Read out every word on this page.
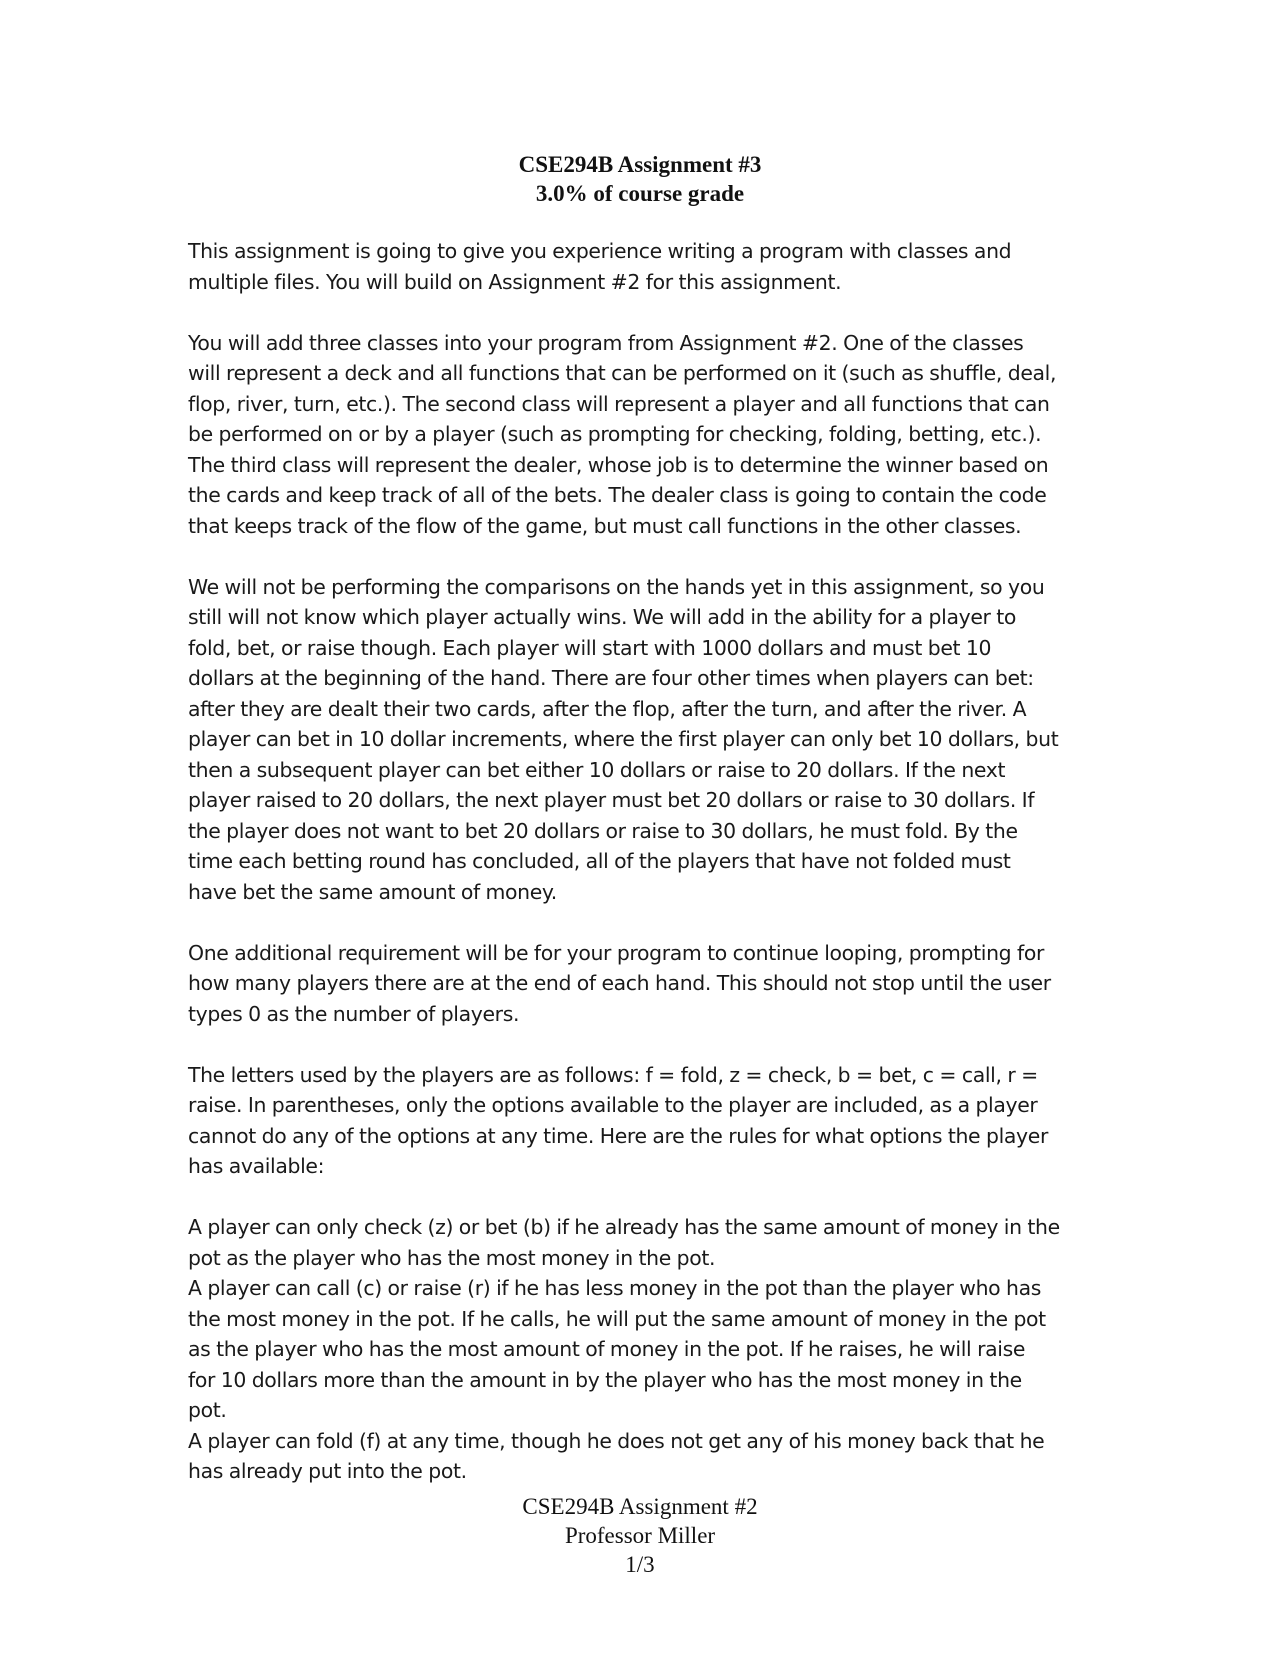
CSE294B Assignment #3
3.0% of course grade

This assignment is going to give you experience writing a program with classes and
multiple files. You will build on Assignment #2 for this assignment.

You will add three classes into your program from Assignment #2. One of the classes
will represent a deck and all functions that can be performed on it (such as shuffle, deal,
flop, river, turn, etc.). The second class will represent a player and all functions that can
be performed on or by a player (such as prompting for checking, folding, betting, etc.).
The third class will represent the dealer, whose job is to determine the winner based on
the cards and keep track of all of the bets. The dealer class is going to contain the code
that keeps track of the flow of the game, but must call functions in the other classes.

We will not be performing the comparisons on the hands yet in this assignment, so you
still will not know which player actually wins. We will add in the ability for a player to
fold, bet, or raise though. Each player will start with 1000 dollars and must bet 10
dollars at the beginning of the hand. There are four other times when players can bet:
after they are dealt their two cards, after the flop, after the turn, and after the river. A
player can bet in 10 dollar increments, where the first player can only bet 10 dollars, but
then a subsequent player can bet either 10 dollars or raise to 20 dollars. If the next
player raised to 20 dollars, the next player must bet 20 dollars or raise to 30 dollars. If
the player does not want to bet 20 dollars or raise to 30 dollars, he must fold. By the
time each betting round has concluded, all of the players that have not folded must
have bet the same amount of money.

One additional requirement will be for your program to continue looping, prompting for
how many players there are at the end of each hand. This should not stop until the user
types 0 as the number of players.

The letters used by the players are as follows: f = fold, z = check, b = bet, c = call, r =
raise. In parentheses, only the options available to the player are included, as a player
cannot do any of the options at any time. Here are the rules for what options the player
has available:

A player can only check (z) or bet (b) if he already has the same amount of money in the
pot as the player who has the most money in the pot.
A player can call (c) or raise (r) if he has less money in the pot than the player who has
the most money in the pot. If he calls, he will put the same amount of money in the pot
as the player who has the most amount of money in the pot. If he raises, he will raise
for 10 dollars more than the amount in by the player who has the most money in the
pot.
A player can fold (f) at any time, though he does not get any of his money back that he
has already put into the pot.

CSE294B Assignment #2
Professor Miller
1/3
